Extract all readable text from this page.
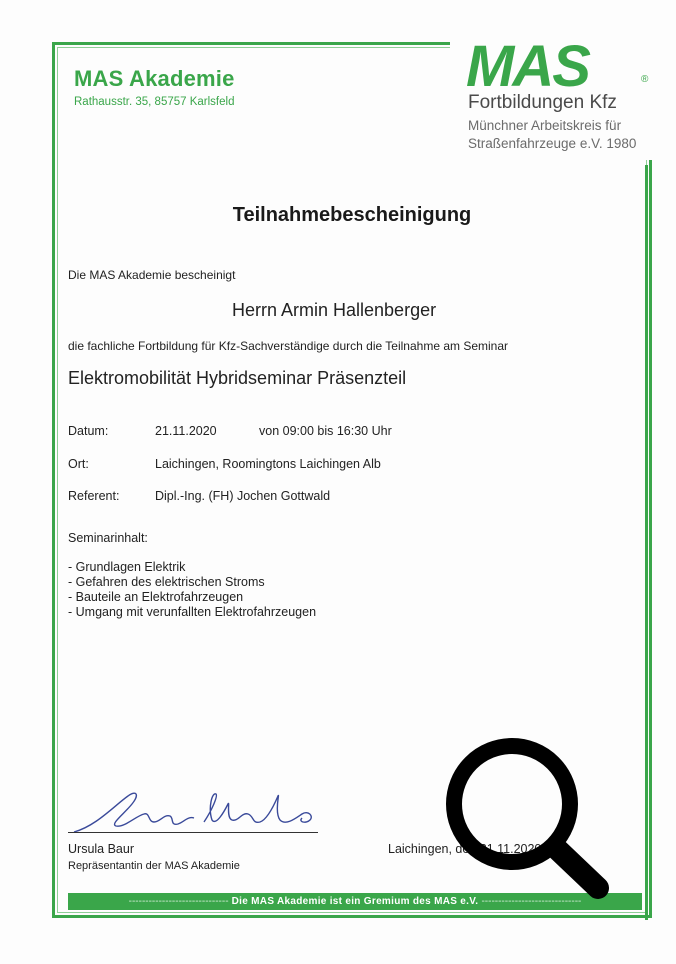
MAS Akademie
Rathausstr. 35, 85757 Karlsfeld
MAS	®
Fortbildungen Kfz
Münchner Arbeitskreis für
Straßenfahrzeuge e.V. 1980
Teilnahmebescheinigung
Die MAS Akademie bescheinigt
Herrn Armin Hallenberger
die fachliche Fortbildung für Kfz-Sachverständige durch die Teilnahme am Seminar
Elektromobilität Hybridseminar Präsenzteil
Datum:	21.11.2020	von 09:00 bis 16:30 Uhr
Ort:	Laichingen, Roomingtons Laichingen Alb
Referent:	Dipl.-Ing. (FH) Jochen Gottwald
Seminarinhalt:
- Grundlagen Elektrik
- Gefahren des elektrischen Stroms
- Bauteile an Elektrofahrzeugen
- Umgang mit verunfallten Elektrofahrzeugen
Ursula Baur
Repräsentantin der MAS Akademie
Laichingen, den 21.11.2020
------------------------------ Die MAS Akademie ist ein Gremium des MAS e.V. ------------------------------
